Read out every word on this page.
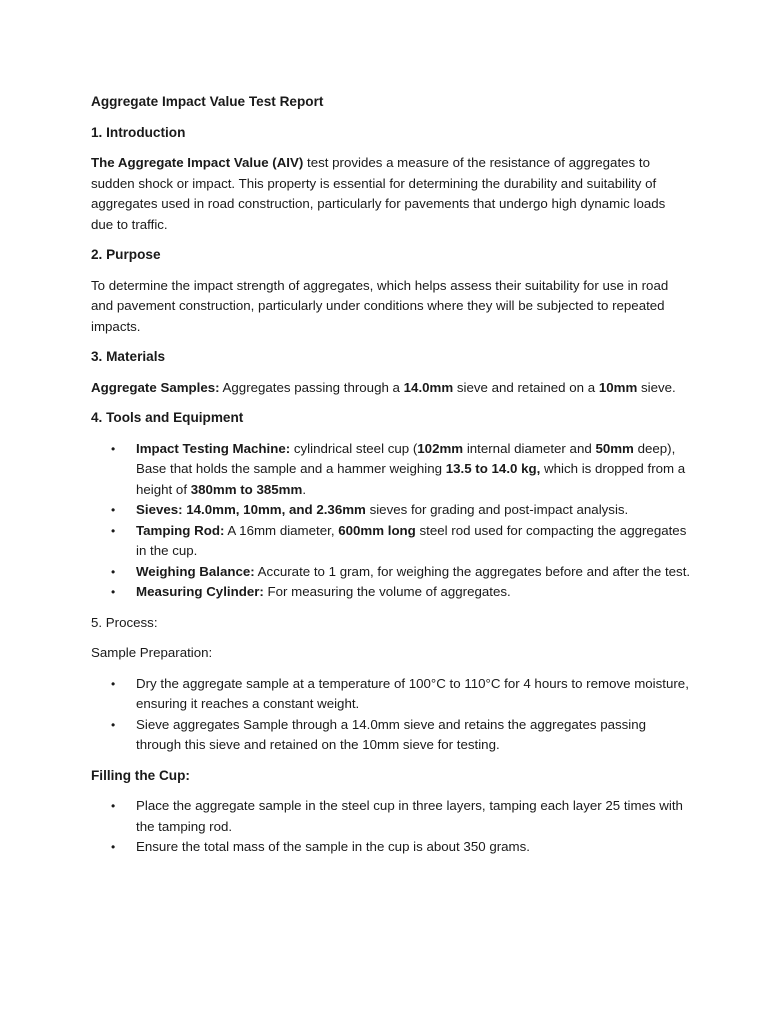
Aggregate Impact Value Test Report
1. Introduction

The Aggregate Impact Value (AIV) test provides a measure of the resistance of aggregates to sudden shock or impact. This property is essential for determining the durability and suitability of aggregates used in road construction, particularly for pavements that undergo high dynamic loads due to traffic.

2. Purpose

To determine the impact strength of aggregates, which helps assess their suitability for use in road and pavement construction, particularly under conditions where they will be subjected to repeated impacts.

3. Materials

Aggregate Samples: Aggregates passing through a 14.0mm sieve and retained on a 10mm sieve.

4. Tools and Equipment
• Impact Testing Machine: cylindrical steel cup (102mm internal diameter and 50mm deep), Base that holds the sample and a hammer weighing 13.5 to 14.0 kg, which is dropped from a height of 380mm to 385mm.
• Sieves: 14.0mm, 10mm, and 2.36mm sieves for grading and post-impact analysis.
• Tamping Rod: A 16mm diameter, 600mm long steel rod used for compacting the aggregates in the cup.
• Weighing Balance: Accurate to 1 gram, for weighing the aggregates before and after the test.
• Measuring Cylinder: For measuring the volume of aggregates.

5. Process:

Sample Preparation:

• Dry the aggregate sample at a temperature of 100°C to 110°C for 4 hours to remove moisture, ensuring it reaches a constant weight.
• Sieve aggregates Sample through a 14.0mm sieve and retains the aggregates passing through this sieve and retained on the 10mm sieve for testing.
Filling the Cup:
• Place the aggregate sample in the steel cup in three layers, tamping each layer 25 times with the tamping rod.
• Ensure the total mass of the sample in the cup is about 350 grams.
